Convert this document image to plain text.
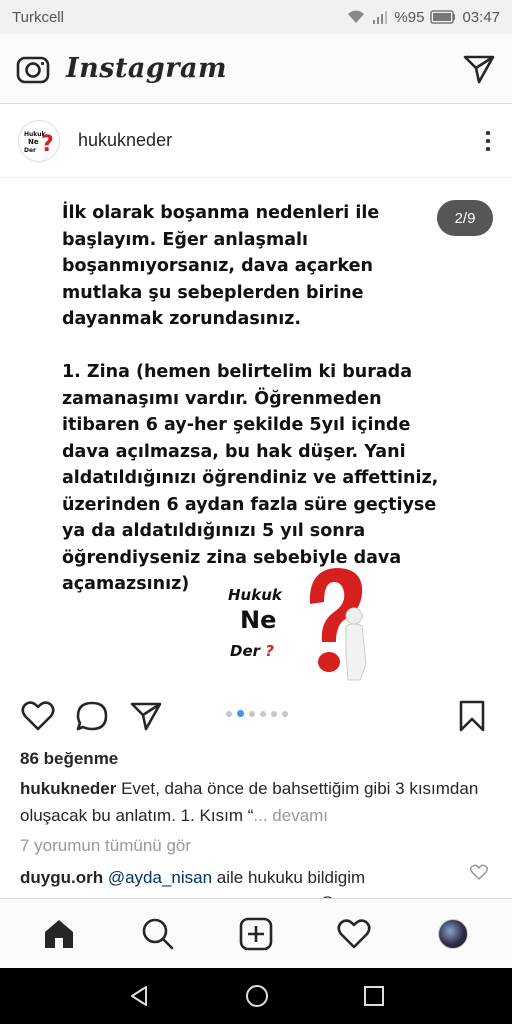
Turkcell	%95	03:47
Instagram
Hukuk
Ne
Der ? hukukneder
İlk olarak boşanma nedenleri ile başlayım. Eğer anlaşmalı boşanmıyorsanız, dava açarken mutlaka şu sebeplerden birine dayanmak zorundasınız.

1. Zina (hemen belirtelim ki burada zamanaşımı vardır. Öğrenmeden itibaren 6 ay-her şekilde 5yıl içinde dava açılmazsa, bu hak düşer. Yani aldatıldığınızı öğrendiniz ve affettiniz, üzerinden 6 aydan fazla süre geçtiyse ya da aldatıldığınızı 5 yıl sonra öğrendiyseniz zina sebebiyle dava açamazsınız)
2/9
Hukuk
Ne
Der ?
86 beğenme
hukukneder Evet, daha önce de bahsettiğim gibi 3 kısımdan oluşacak bu anlatım. 1. Kısım “... devamı
7 yorumun tümünü gör
duygu.orh @ayda_nisan aile hukuku bildigim
